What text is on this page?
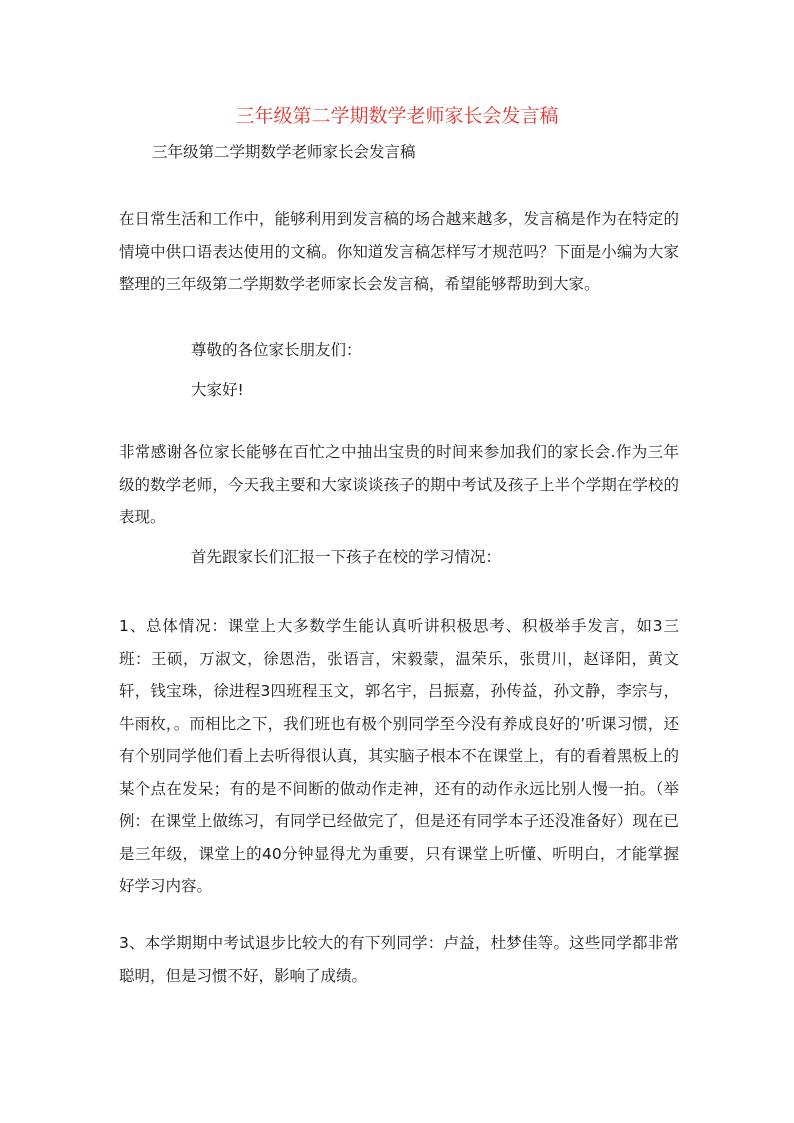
三年级第二学期数学老师家长会发言稿
三年级第二学期数学老师家长会发言稿
在日常生活和工作中，能够利用到发言稿的场合越来越多，发言稿是作为在特定的情境中供口语表达使用的文稿。你知道发言稿怎样写才规范吗？下面是小编为大家整理的三年级第二学期数学老师家长会发言稿，希望能够帮助到大家。
尊敬的各位家长朋友们：
大家好!
非常感谢各位家长能够在百忙之中抽出宝贵的时间来参加我们的家长会.作为三年级的数学老师，今天我主要和大家谈谈孩子的期中考试及孩子上半个学期在学校的表现。
首先跟家长们汇报一下孩子在校的学习情况：
1、总体情况：课堂上大多数学生能认真听讲积极思考、积极举手发言，如3三班：王硕，万淑文，徐恩浩，张语言，宋毅蒙，温荣乐，张贯川，赵译阳，黄文轩，钱宝珠，徐进程3四班程玉文，郭名宇，吕振嘉，孙传益，孙文静，李宗与，牛雨枚，。而相比之下，我们班也有极个别同学至今没有养成良好的’听课习惯，还有个别同学他们看上去听得很认真，其实脑子根本不在课堂上，有的看着黑板上的某个点在发呆；有的是不间断的做动作走神，还有的动作永远比别人慢一拍。（举例：在课堂上做练习，有同学已经做完了，但是还有同学本子还没准备好）现在已是三年级，课堂上的40分钟显得尤为重要，只有课堂上听懂、听明白，才能掌握好学习内容。
3、本学期期中考试退步比较大的有下列同学：卢益，杜梦佳等。这些同学都非常聪明，但是习惯不好，影响了成绩。
